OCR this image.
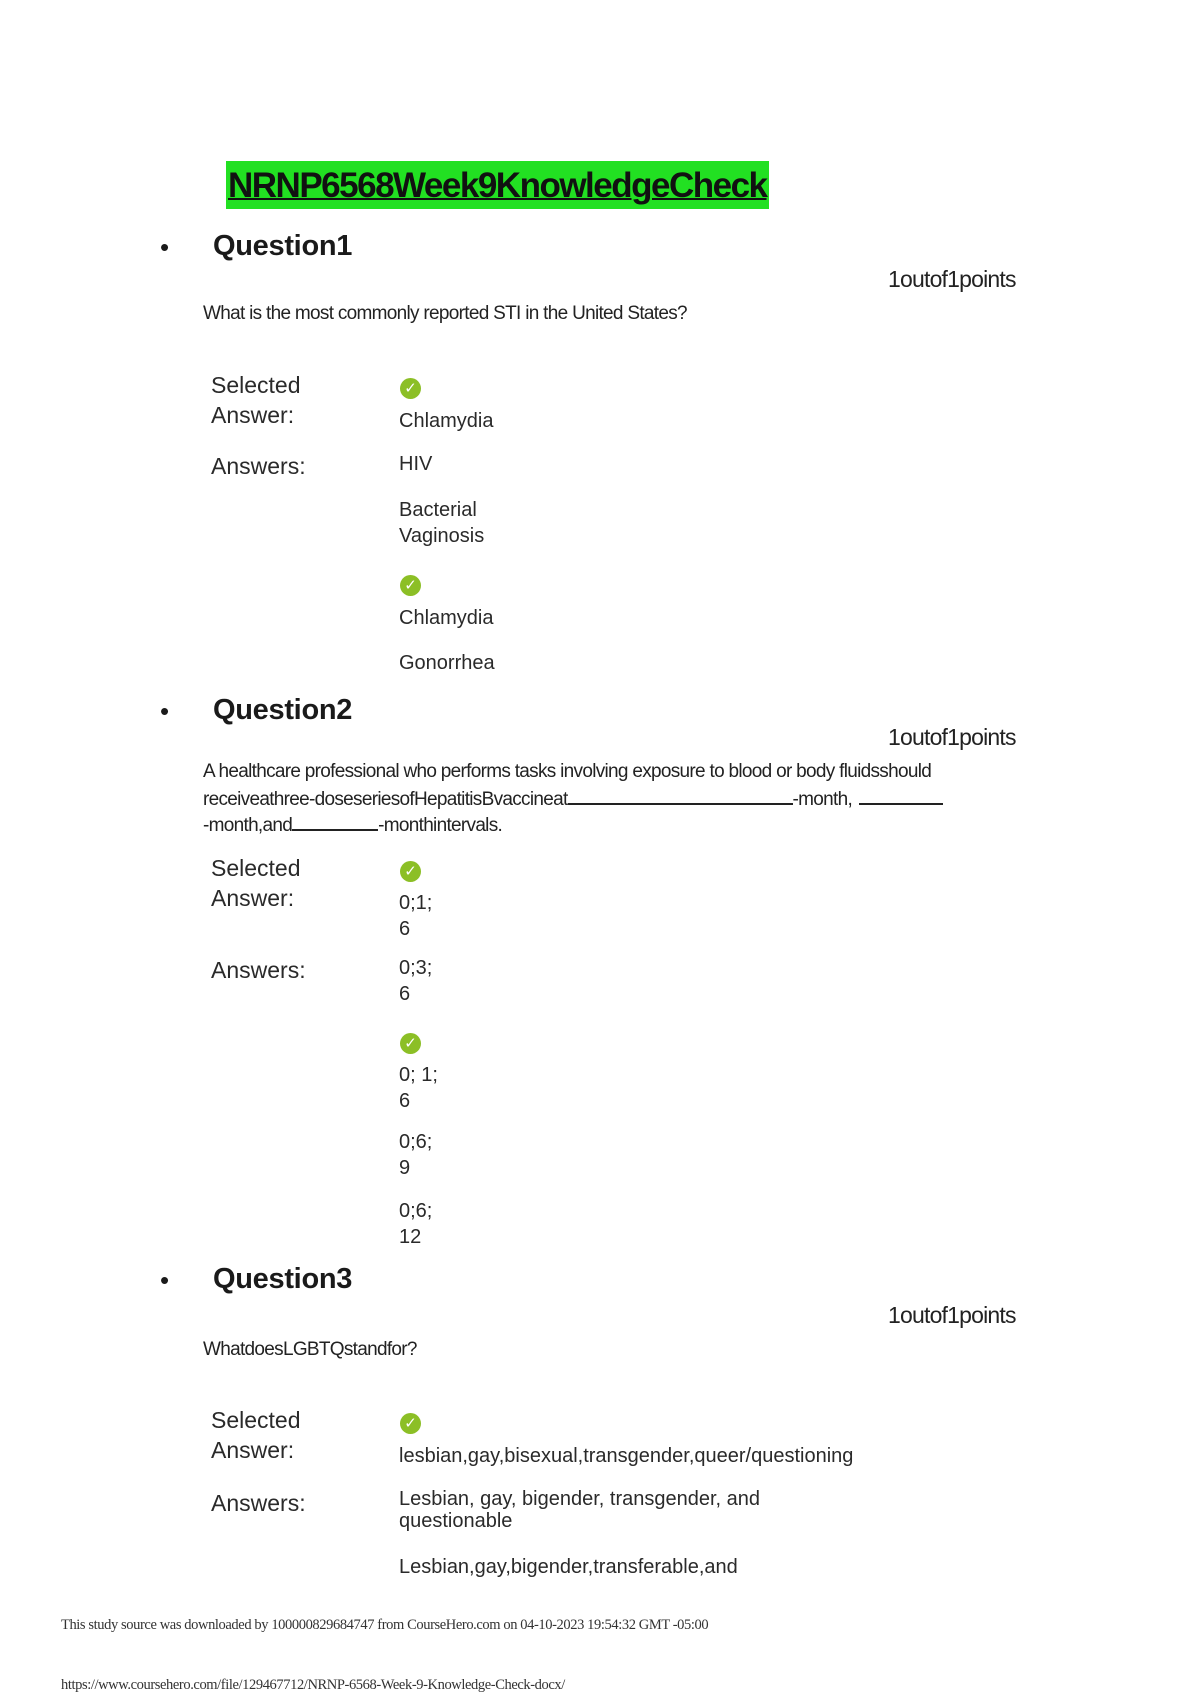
NRNP6568Week9KnowledgeCheck
• Question1
1outof1points
What is the most commonly reported STI in the United States?
Selected
Answer:
✓
Chlamydia
Answers:	HIV
Bacterial Vaginosis
✓
Chlamydia
Gonorrhea
• Question2
1outof1points
A healthcare professional who performs tasks involving exposure to blood or body fluidsshould
receiveathree-doseseriesofHepatitisBvaccineat	-month,
-month,and	-monthintervals.
Selected
Answer:
✓
0;1;
6
Answers:	0;3;
6
✓
0; 1;
6
0;6;
9
0;6;
12
• Question3
1outof1points
WhatdoesLGBTQstandfor?
Selected
Answer:
✓
lesbian,gay,bisexual,transgender,queer/questioning
Answers:	Lesbian, gay, bigender, transgender, and
questionable
Lesbian,gay,bigender,transferable,and
This study source was downloaded by 100000829684747 from CourseHero.com on 04-10-2023 19:54:32 GMT -05:00
https://www.coursehero.com/file/129467712/NRNP-6568-Week-9-Knowledge-Check-docx/
